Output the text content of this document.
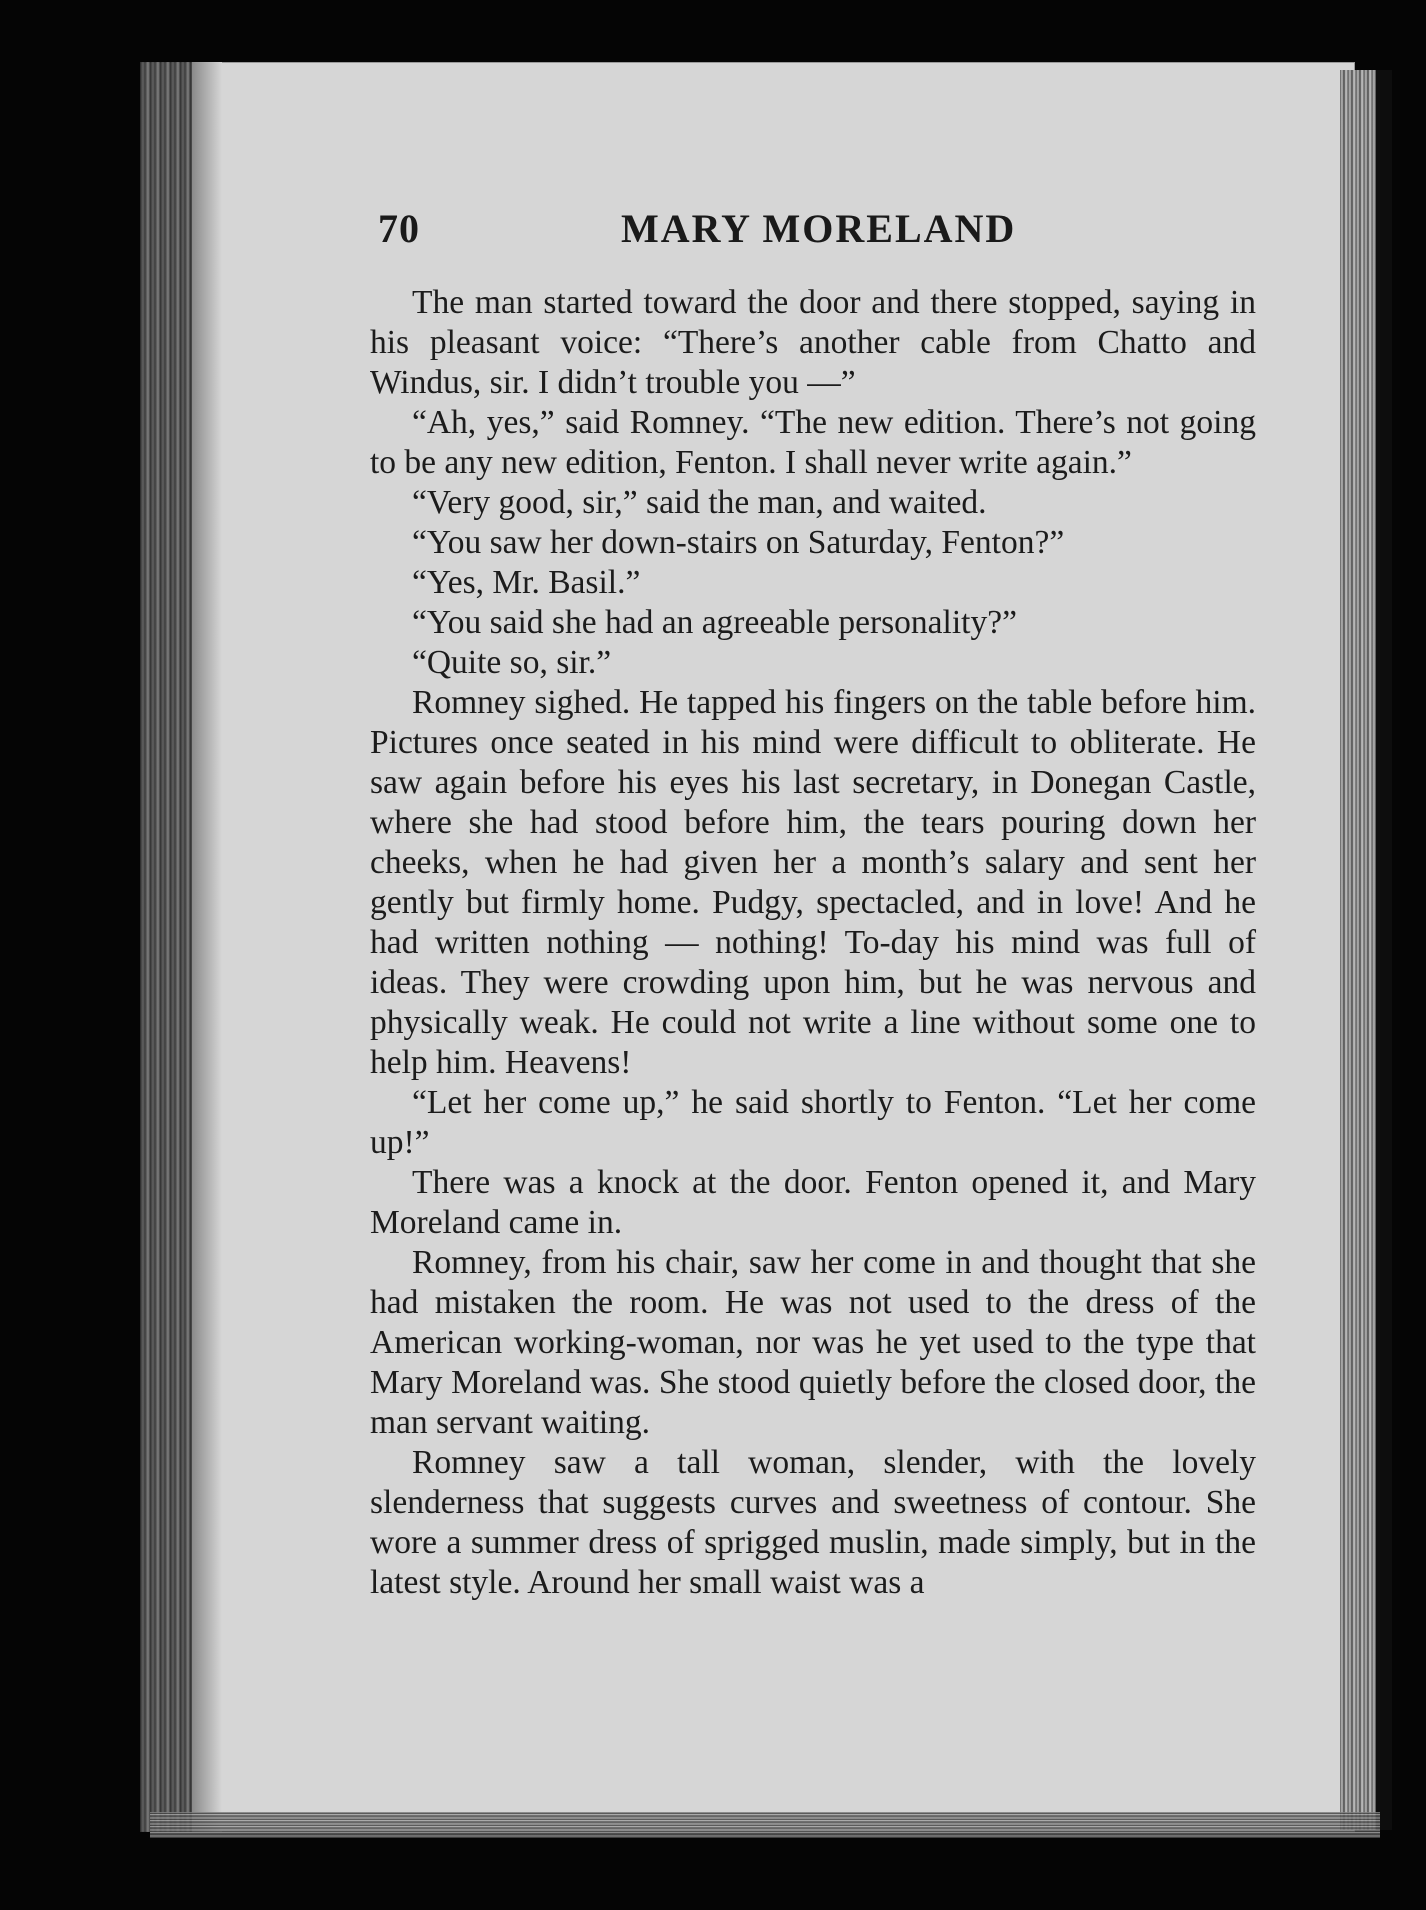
70	MARY MORELAND

The man started toward the door and there stopped, saying in his pleasant voice: “There’s another cable from Chatto and Windus, sir. I didn’t trouble you —”

“Ah, yes,” said Romney. “The new edition. There’s not going to be any new edition, Fenton. I shall never write again.”

“Very good, sir,” said the man, and waited.

“You saw her down-stairs on Saturday, Fenton?”

“Yes, Mr. Basil.”

“You said she had an agreeable personality?”

“Quite so, sir.”

Romney sighed. He tapped his fingers on the table before him. Pictures once seated in his mind were difficult to obliterate. He saw again before his eyes his last secretary, in Donegan Castle, where she had stood before him, the tears pouring down her cheeks, when he had given her a month’s salary and sent her gently but firmly home. Pudgy, spectacled, and in love! And he had written nothing — nothing! To-day his mind was full of ideas. They were crowding upon him, but he was nervous and physically weak. He could not write a line without some one to help him. Heavens!

“Let her come up,” he said shortly to Fenton. “Let her come up!”

There was a knock at the door. Fenton opened it, and Mary Moreland came in.

Romney, from his chair, saw her come in and thought that she had mistaken the room. He was not used to the dress of the American working-woman, nor was he yet used to the type that Mary Moreland was. She stood quietly before the closed door, the man servant waiting.

Romney saw a tall woman, slender, with the lovely slenderness that suggests curves and sweetness of contour. She wore a summer dress of sprigged muslin, made simply, but in the latest style. Around her small waist was a
